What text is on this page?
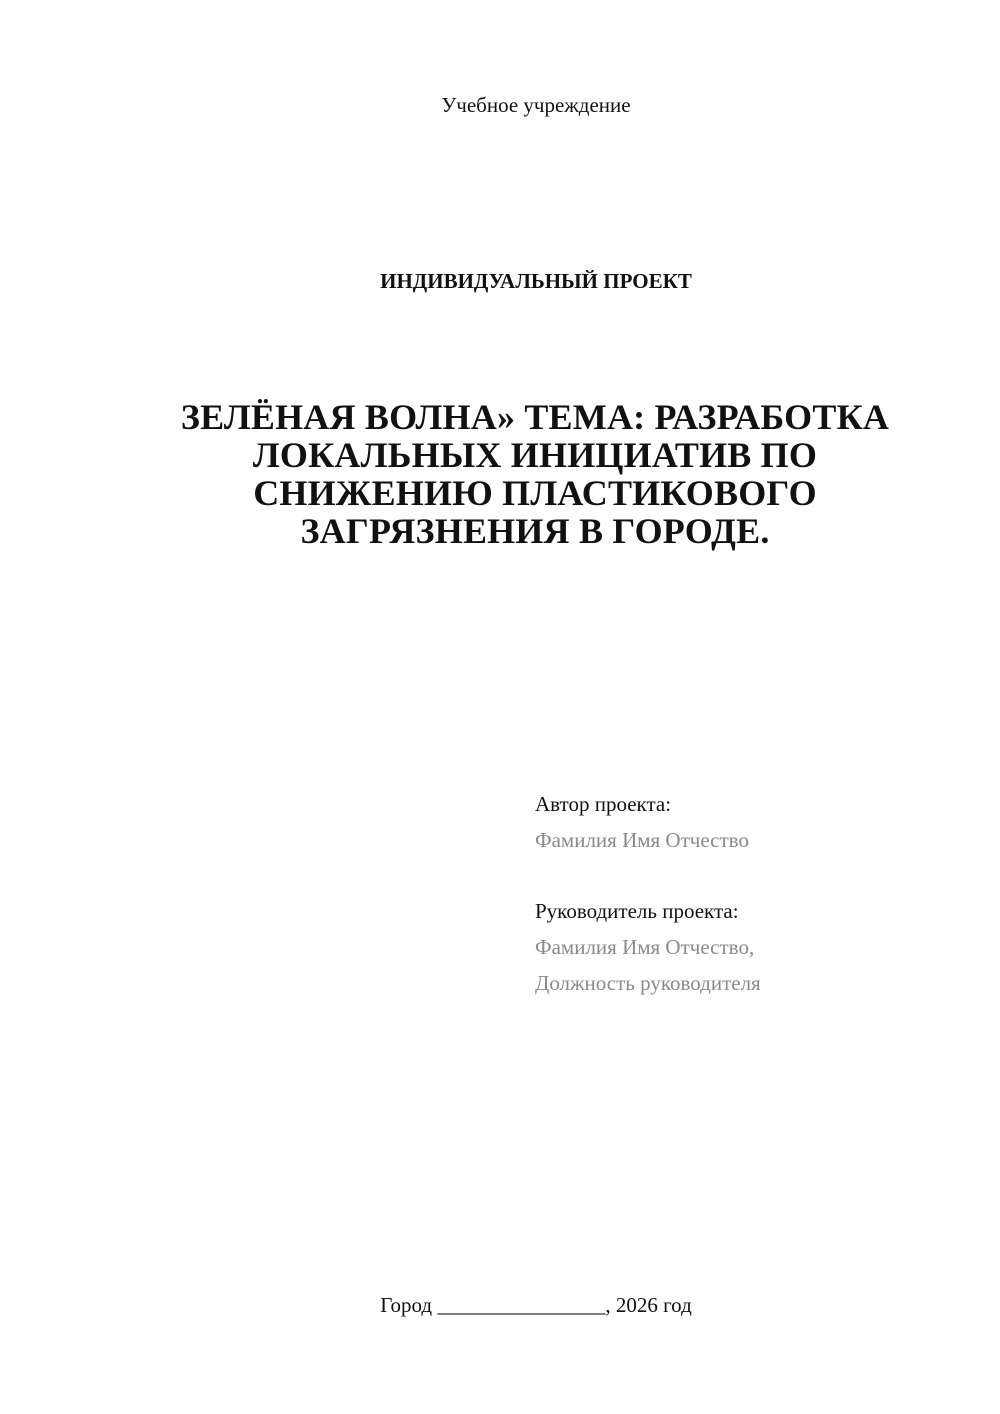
Учебное учреждение
ИНДИВИДУАЛЬНЫЙ ПРОЕКТ
ЗЕЛЁНАЯ ВОЛНА» ТЕМА: РАЗРАБОТКА ЛОКАЛЬНЫХ ИНИЦИАТИВ ПО СНИЖЕНИЮ ПЛАСТИКОВОГО ЗАГРЯЗНЕНИЯ В ГОРОДЕ.
Автор проекта:
Фамилия Имя Отчество
Руководитель проекта:
Фамилия Имя Отчество,
Должность руководителя
Город ________________, 2026 год
